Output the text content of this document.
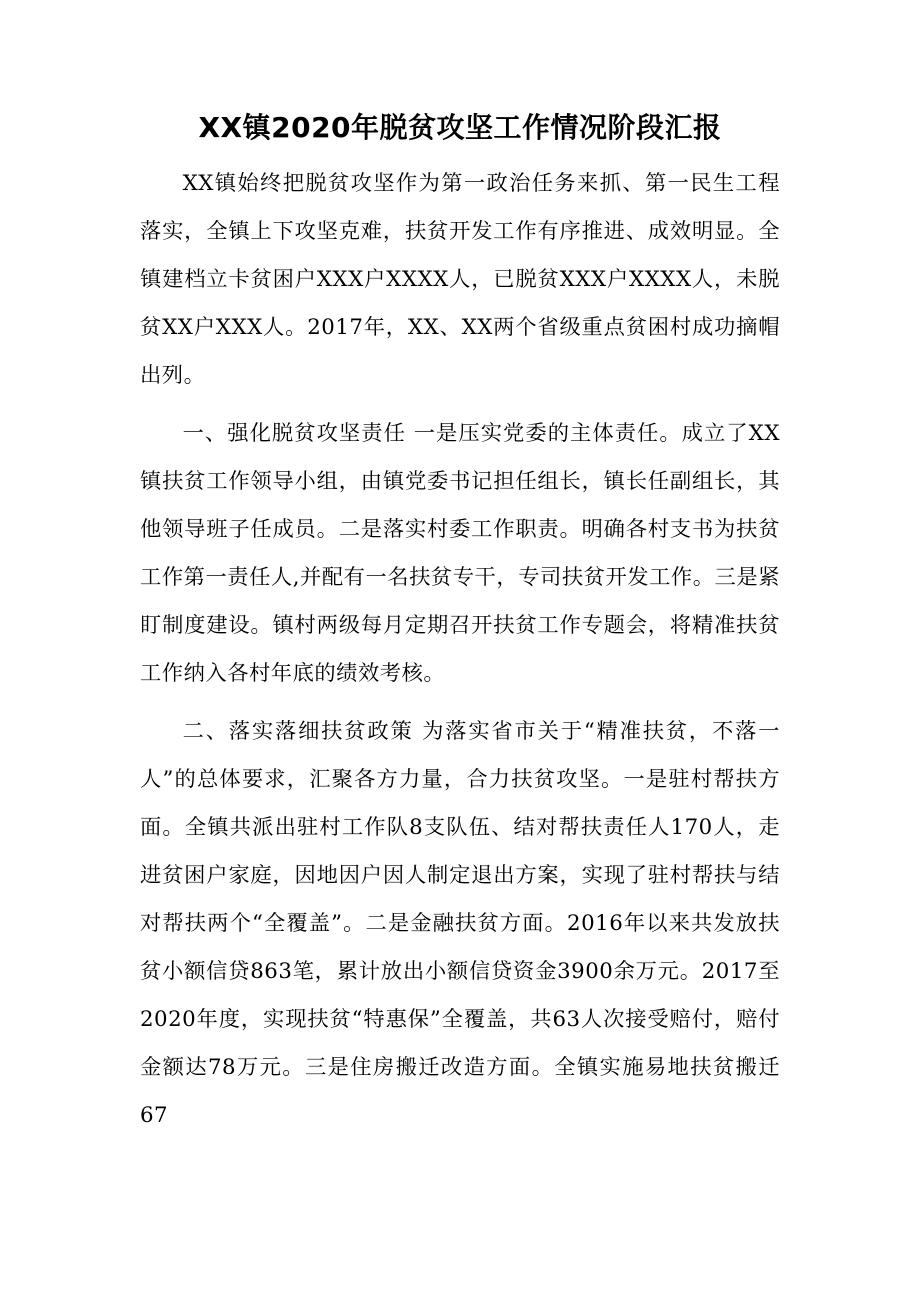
XX镇2020年脱贫攻坚工作情况阶段汇报

XX镇始终把脱贫攻坚作为第一政治任务来抓、第一民生工程落实，全镇上下攻坚克难，扶贫开发工作有序推进、成效明显。全镇建档立卡贫困户XXX户XXXX人，已脱贫XXX户XXXX人，未脱贫XX户XXX人。2017年，XX、XX两个省级重点贫困村成功摘帽出列。

一、强化脱贫攻坚责任 一是压实党委的主体责任。成立了XX镇扶贫工作领导小组，由镇党委书记担任组长，镇长任副组长，其他领导班子任成员。二是落实村委工作职责。明确各村支书为扶贫工作第一责任人,并配有一名扶贫专干，专司扶贫开发工作。三是紧盯制度建设。镇村两级每月定期召开扶贫工作专题会，将精准扶贫工作纳入各村年底的绩效考核。

二、落实落细扶贫政策 为落实省市关于“精准扶贫，不落一人”的总体要求，汇聚各方力量，合力扶贫攻坚。一是驻村帮扶方面。全镇共派出驻村工作队8支队伍、结对帮扶责任人170人，走进贫困户家庭，因地因户因人制定退出方案，实现了驻村帮扶与结对帮扶两个“全覆盖”。二是金融扶贫方面。2016年以来共发放扶贫小额信贷863笔，累计放出小额信贷资金3900余万元。2017至2020年度，实现扶贫“特惠保”全覆盖，共63人次接受赔付，赔付金额达78万元。三是住房搬迁改造方面。全镇实施易地扶贫搬迁67
